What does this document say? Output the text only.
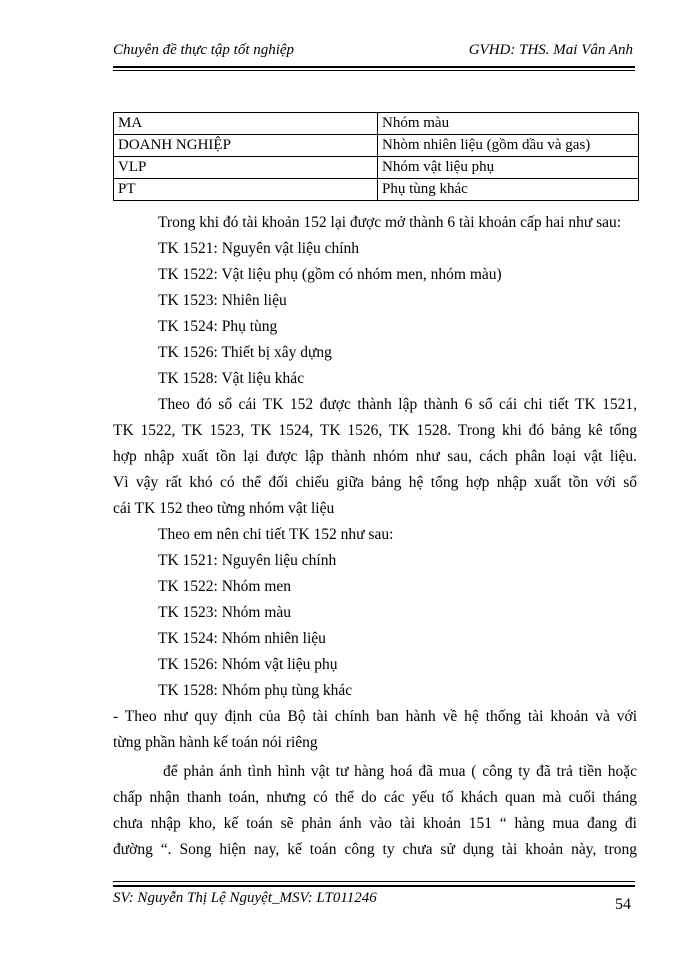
Chuyên đề thực tập tốt nghiệp	GVHD: THS. Mai Vân Anh
MA	Nhóm màu
DOANH NGHIỆP	Nhòm nhiên liệu (gồm dầu và gas)
VLP	Nhóm vật liệu phụ
PT	Phụ tùng khác
Trong khi đó tài khoản 152 lại được mở thành 6 tài khoản cấp hai như sau:
TK 1521: Nguyên vật liệu chính
TK 1522: Vật liệu phụ (gồm có nhóm men, nhóm màu)
TK 1523: Nhiên liệu
TK 1524: Phụ tùng
TK 1526: Thiết bị xây dựng
TK 1528: Vật liệu khác
Theo đó sổ cái TK 152 được thành lập thành 6 sổ cái chi tiết TK 1521,
TK 1522, TK 1523, TK 1524, TK 1526, TK 1528. Trong khi đó bảng kê tổng
hợp nhập xuất tồn lại được lập thành nhóm như sau, cách phân loại vật liệu.
Vì vậy rất khó có thể đối chiếu giữa bảng hệ tổng hợp nhập xuất tồn với sổ
cái TK 152 theo từng nhóm vật liệu
Theo em nên chi tiết TK 152 như sau:
TK 1521: Nguyên liệu chính
TK 1522: Nhóm men
TK 1523: Nhóm màu
TK 1524: Nhóm nhiên liệu
TK 1526: Nhóm vật liệu phụ
TK 1528: Nhóm phụ tùng khác
- Theo như quy định của Bộ tài chính ban hành về hệ thống tài khoản và với
từng phần hành kế toán nói riêng
để phản ánh tình hình vật tư hàng hoá đã mua ( công ty đã trả tiền hoặc
chấp nhận thanh toán, nhưng có thể do các yếu tố khách quan mà cuối tháng
chưa nhập kho, kế toán sẽ phản ánh vào tài khoản 151 “ hàng mua đang đi
đường “. Song hiện nay, kế toán công ty chưa sử dụng tài khoản này, trong
SV: Nguyễn Thị Lệ Nguyệt_MSV: LT011246	54
